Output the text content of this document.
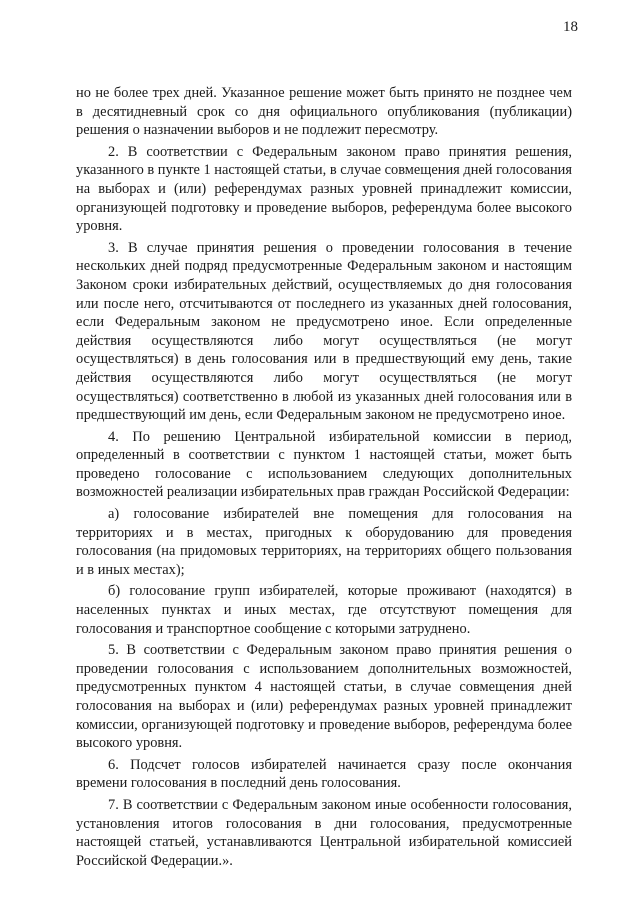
18

но не более трех дней. Указанное решение может быть принято не позднее чем в десятидневный срок со дня официального опубликования (публикации) решения о назначении выборов и не подлежит пересмотру.

2. В соответствии с Федеральным законом право принятия решения, указанного в пункте 1 настоящей статьи, в случае совмещения дней голосования на выборах и (или) референдумах разных уровней принадлежит комиссии, организующей подготовку и проведение выборов, референдума более высокого уровня.

3. В случае принятия решения о проведении голосования в течение нескольких дней подряд предусмотренные Федеральным законом и настоящим Законом сроки избирательных действий, осуществляемых до дня голосования или после него, отсчитываются от последнего из указанных дней голосования, если Федеральным законом не предусмотрено иное. Если определенные действия осуществляются либо могут осуществляться (не могут осуществляться) в день голосования или в предшествующий ему день, такие действия осуществляются либо могут осуществляться (не могут осуществляться) соответственно в любой из указанных дней голосования или в предшествующий им день, если Федеральным законом не предусмотрено иное.

4. По решению Центральной избирательной комиссии в период, определенный в соответствии с пунктом 1 настоящей статьи, может быть проведено голосование с использованием следующих дополнительных возможностей реализации избирательных прав граждан Российской Федерации:

а) голосование избирателей вне помещения для голосования на территориях и в местах, пригодных к оборудованию для проведения голосования (на придомовых территориях, на территориях общего пользования и в иных местах);

б) голосование групп избирателей, которые проживают (находятся) в населенных пунктах и иных местах, где отсутствуют помещения для голосования и транспортное сообщение с которыми затруднено.

5. В соответствии с Федеральным законом право принятия решения о проведении голосования с использованием дополнительных возможностей, предусмотренных пунктом 4 настоящей статьи, в случае совмещения дней голосования на выборах и (или) референдумах разных уровней принадлежит комиссии, организующей подготовку и проведение выборов, референдума более высокого уровня.

6. Подсчет голосов избирателей начинается сразу после окончания времени голосования в последний день голосования.

7. В соответствии с Федеральным законом иные особенности голосования, установления итогов голосования в дни голосования, предусмотренные настоящей статьей, устанавливаются Центральной избирательной комиссией Российской Федерации.».
